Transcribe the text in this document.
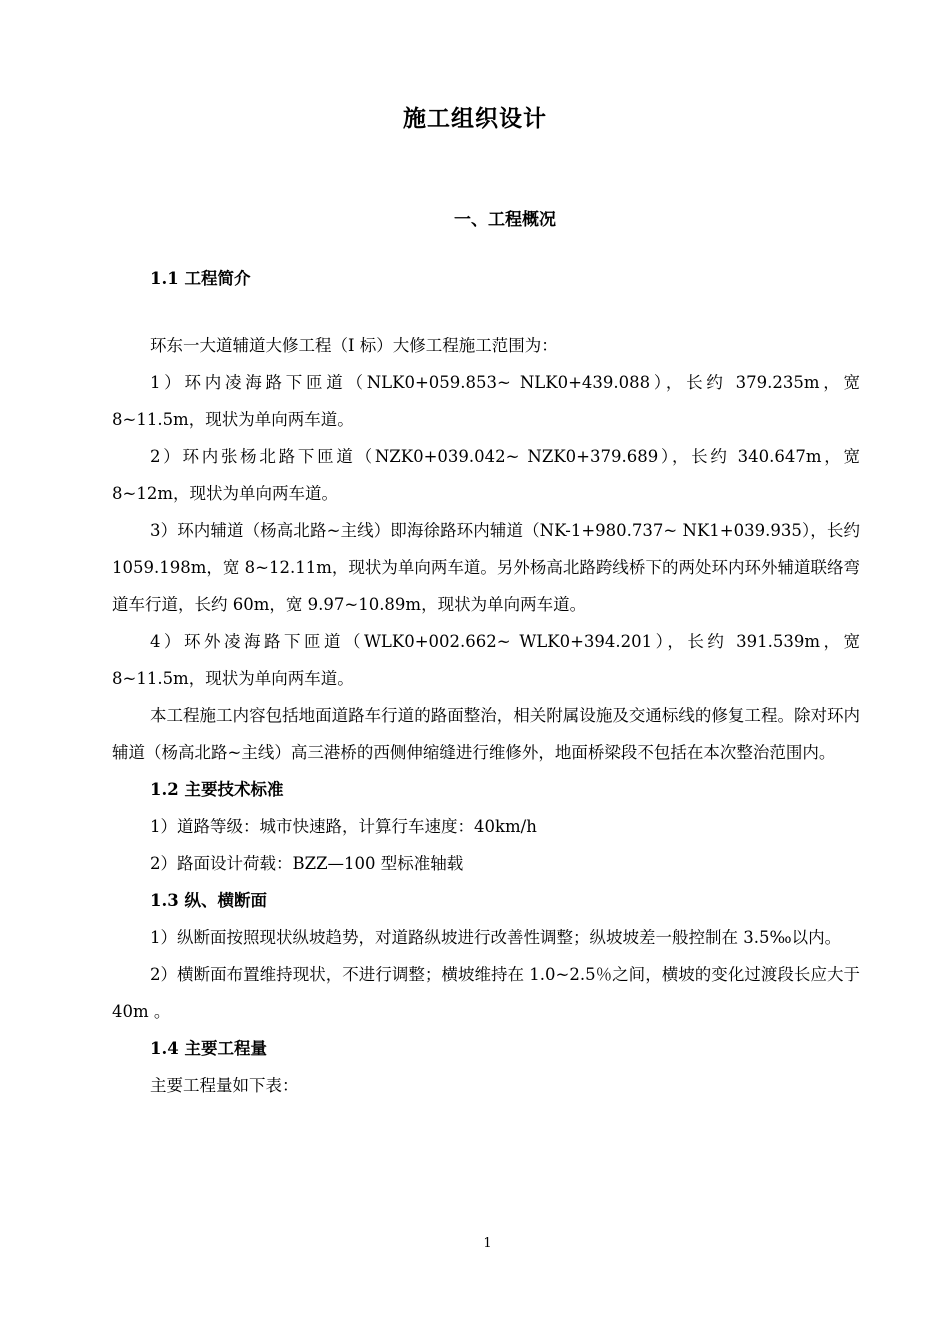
施工组织设计
一、工程概况
1.1 工程简介

环东一大道辅道大修工程（I 标）大修工程施工范围为：

1）环内凌海路下匝道（NLK0+059.853~ NLK0+439.088），长约 379.235m，宽 8~11.5m，现状为单向两车道。

2）环内张杨北路下匝道（NZK0+039.042~ NZK0+379.689），长约 340.647m，宽 8~12m，现状为单向两车道。

3）环内辅道（杨高北路~主线）即海徐路环内辅道（NK-1+980.737~ NK1+039.935），长约 1059.198m，宽 8~12.11m，现状为单向两车道。另外杨高北路跨线桥下的两处环内环外辅道联络弯道车行道，长约 60m，宽 9.97~10.89m，现状为单向两车道。

4）环外凌海路下匝道（WLK0+002.662~ WLK0+394.201），长约 391.539m，宽 8~11.5m，现状为单向两车道。

本工程施工内容包括地面道路车行道的路面整治，相关附属设施及交通标线的修复工程。除对环内辅道（杨高北路~主线）高三港桥的西侧伸缩缝进行维修外，地面桥梁段不包括在本次整治范围内。

1.2 主要技术标准

1）道路等级：城市快速路，计算行车速度：40km/h

2）路面设计荷载：BZZ—100 型标准轴载

1.3 纵、横断面

1）纵断面按照现状纵坡趋势，对道路纵坡进行改善性调整；纵坡坡差一般控制在 3.5‰以内。

2）横断面布置维持现状，不进行调整；横坡维持在 1.0~2.5％之间，横坡的变化过渡段长应大于 40m 。

1.4 主要工程量

主要工程量如下表：

1
